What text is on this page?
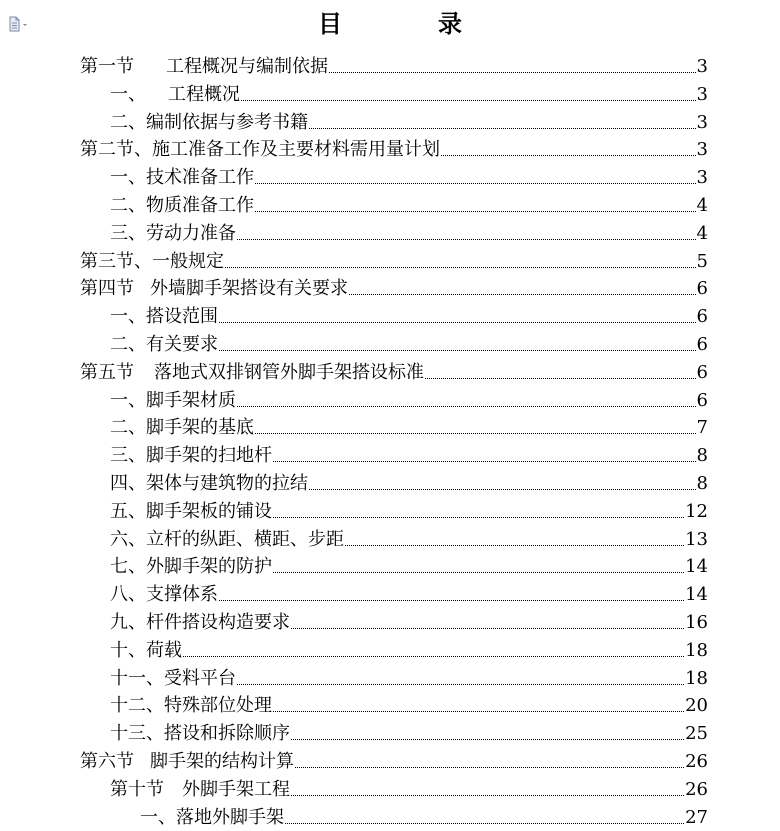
目	录
第一节 工程概况与编制依据	3
一、 工程概况	3
二、编制依据与参考书籍	3
第二节、施工准备工作及主要材料需用量计划	3
一、技术准备工作	3
二、物质准备工作	4
三、劳动力准备	4
第三节、一般规定	5
第四节 外墙脚手架搭设有关要求	6
一、搭设范围	6
二、有关要求	6
第五节 落地式双排钢管外脚手架搭设标准	6
一、脚手架材质	6
二、脚手架的基底	7
三、脚手架的扫地杆	8
四、架体与建筑物的拉结	8
五、脚手架板的铺设	12
六、立杆的纵距、横距、步距	13
七、外脚手架的防护	14
八、支撑体系	14
九、杆件搭设构造要求	16
十、荷载	18
十一、受料平台	18
十二、特殊部位处理	20
十三、搭设和拆除顺序	25
第六节 脚手架的结构计算	26
第十节 外脚手架工程	26
一、落地外脚手架	27
